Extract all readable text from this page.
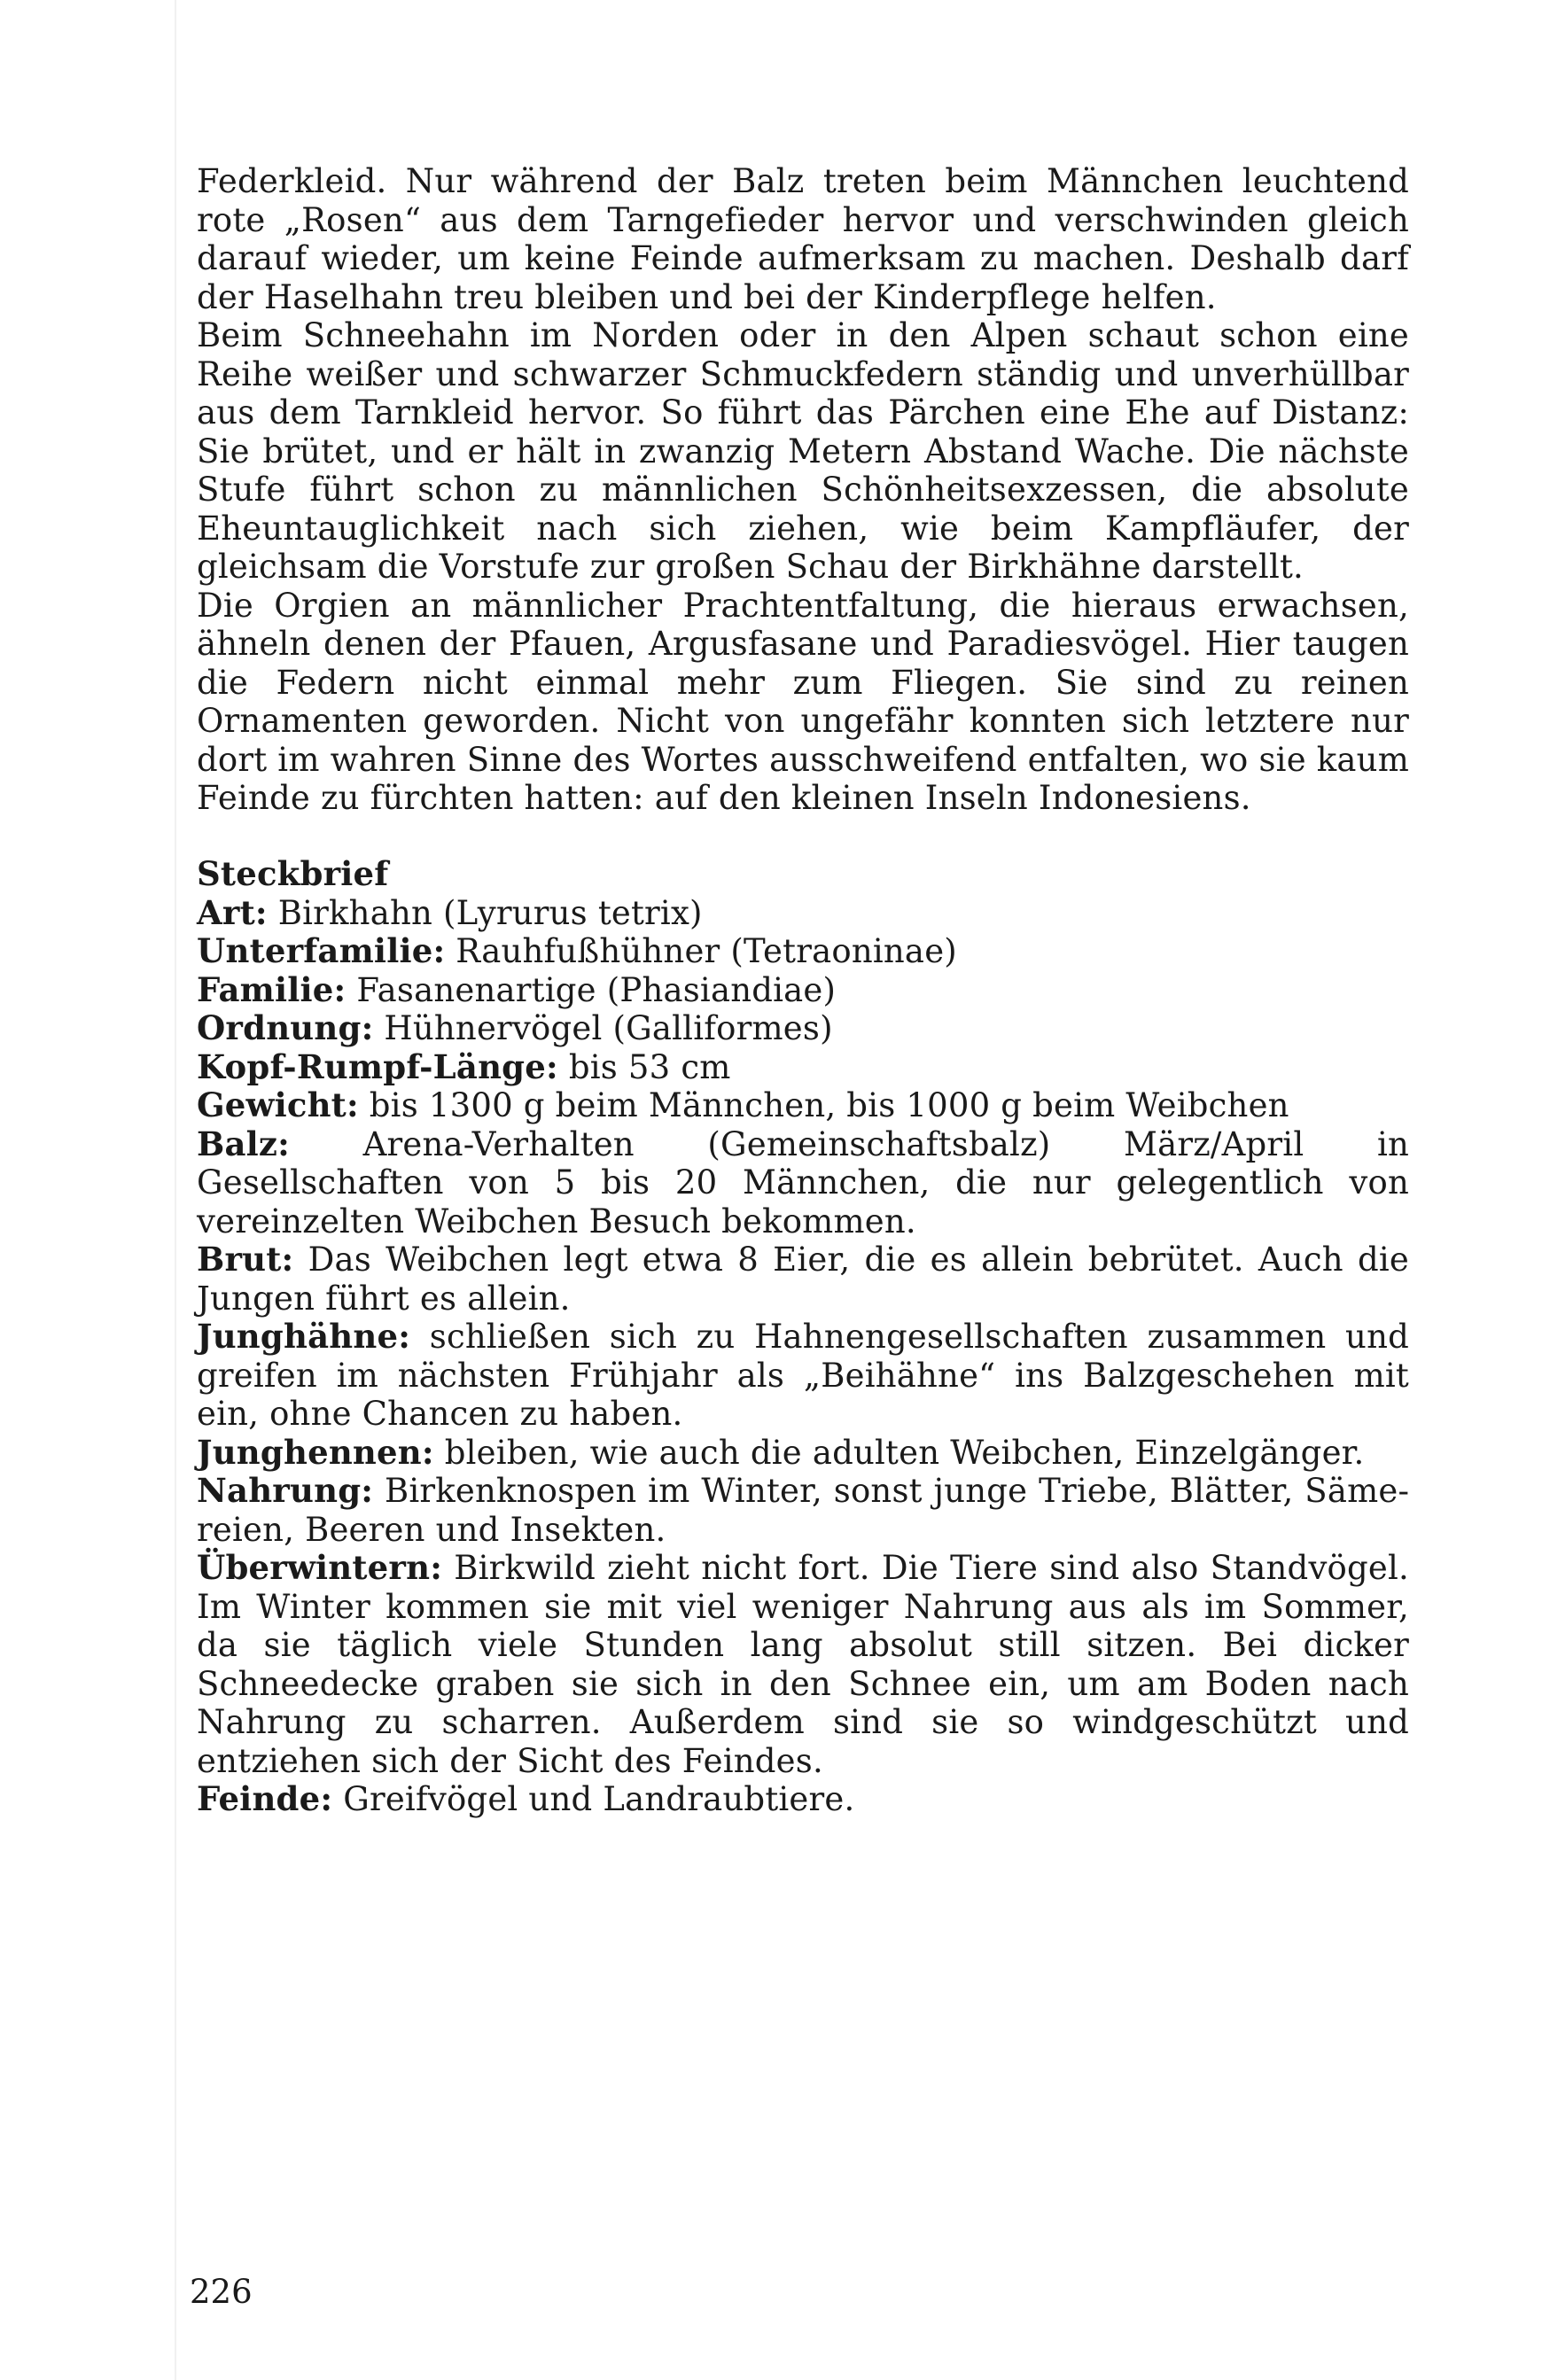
Federkleid. Nur während der Balz treten beim Männchen leuchtend rote „Rosen“ aus dem Tarngefieder hervor und verschwinden gleich darauf wieder, um keine Feinde aufmerksam zu machen. Deshalb darf der Haselhahn treu bleiben und bei der Kinderpflege helfen.

Beim Schneehahn im Norden oder in den Alpen schaut schon eine Reihe weißer und schwarzer Schmuckfedern ständig und unverhüllbar aus dem Tarnkleid hervor. So führt das Pärchen eine Ehe auf Distanz: Sie brütet, und er hält in zwanzig Metern Abstand Wache. Die nächste Stufe führt schon zu männlichen Schönheitsexzessen, die absolute Eheuntauglichkeit nach sich ziehen, wie beim Kampfläufer, der gleichsam die Vorstufe zur großen Schau der Birkhähne darstellt.

Die Orgien an männlicher Prachtentfaltung, die hieraus erwachsen, ähneln denen der Pfauen, Argusfasane und Paradiesvögel. Hier taugen die Federn nicht einmal mehr zum Fliegen. Sie sind zu reinen Ornamenten geworden. Nicht von ungefähr konnten sich letztere nur dort im wahren Sinne des Wortes ausschweifend entfalten, wo sie kaum Feinde zu fürchten hatten: auf den kleinen Inseln Indonesiens.

Steckbrief

Art: Birkhahn (Lyrurus tetrix)

Unterfamilie: Rauhfußhühner (Tetraoninae)

Familie: Fasanenartige (Phasiandiae)

Ordnung: Hühnervögel (Galliformes)

Kopf-Rumpf-Länge: bis 53 cm

Gewicht: bis 1300 g beim Männchen, bis 1000 g beim Weibchen

Balz: Arena-Verhalten (Gemeinschaftsbalz) März/April in Gesellschaften von 5 bis 20 Männchen, die nur gelegentlich von vereinzelten Weibchen Besuch bekommen.

Brut: Das Weibchen legt etwa 8 Eier, die es allein bebrütet. Auch die Jungen führt es allein.

Junghähne: schließen sich zu Hahnengesellschaften zusammen und greifen im nächsten Frühjahr als „Beihähne“ ins Balzgeschehen mit ein, ohne Chancen zu haben.

Junghennen: bleiben, wie auch die adulten Weibchen, Einzelgänger.

Nahrung: Birkenknospen im Winter, sonst junge Triebe, Blätter, Sämereien, Beeren und Insekten.

Überwintern: Birkwild zieht nicht fort. Die Tiere sind also Standvögel. Im Winter kommen sie mit viel weniger Nahrung aus als im Sommer, da sie täglich viele Stunden lang absolut still sitzen. Bei dicker Schneedecke graben sie sich in den Schnee ein, um am Boden nach Nahrung zu scharren. Außerdem sind sie so windgeschützt und entziehen sich der Sicht des Feindes.

Feinde: Greifvögel und Landraubtiere.

226
